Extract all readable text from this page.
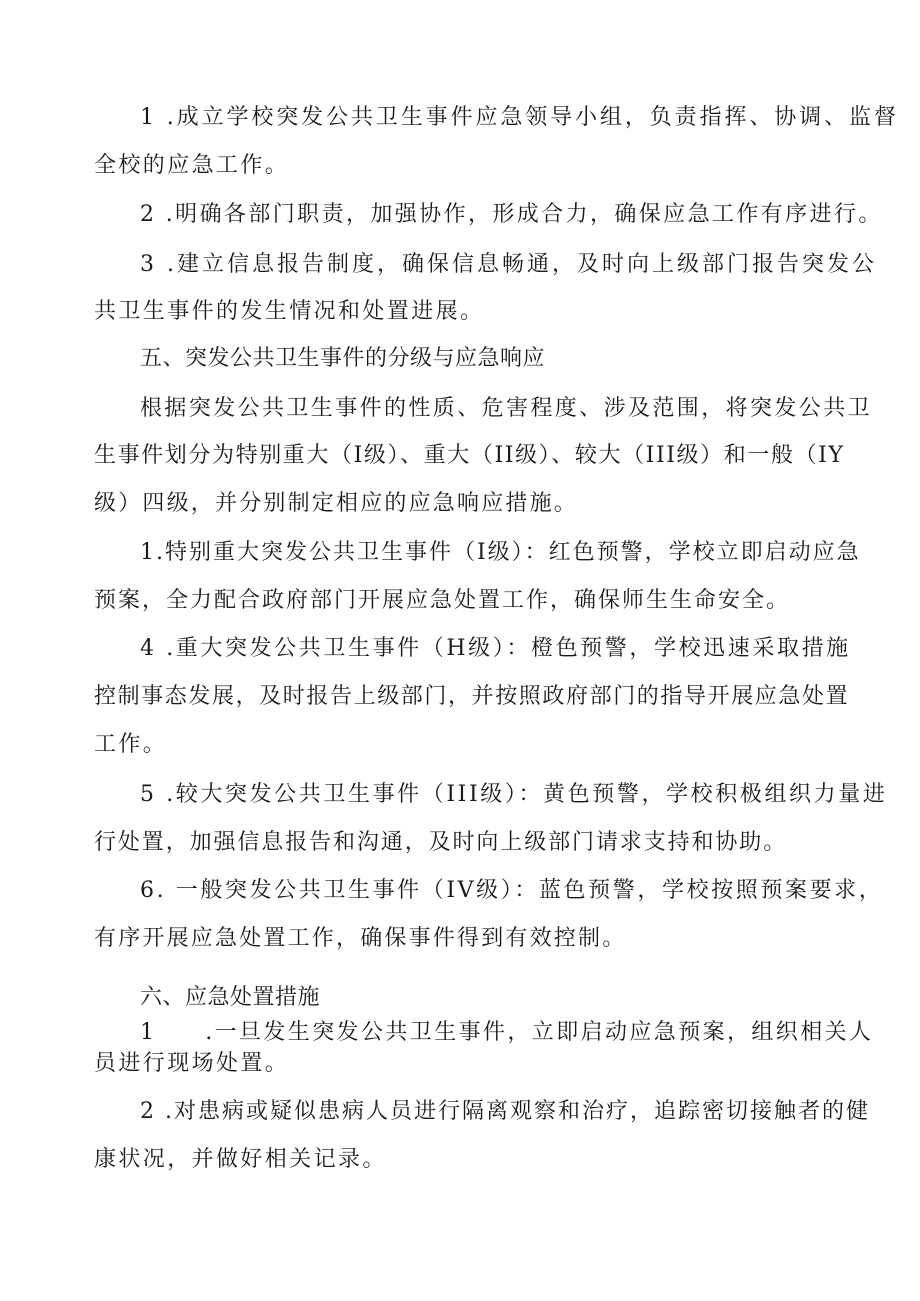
1 .成立学校突发公共卫生事件应急领导小组，负责指挥、协调、监督
全校的应急工作。
2 .明确各部门职责，加强协作，形成合力，确保应急工作有序进行。
3 .建立信息报告制度，确保信息畅通，及时向上级部门报告突发公
共卫生事件的发生情况和处置进展。
五、突发公共卫生事件的分级与应急响应
根据突发公共卫生事件的性质、危害程度、涉及范围，将突发公共卫
生事件划分为特别重大（I级）、重大（II级）、较大（III级）和一般（IY
级）四级，并分别制定相应的应急响应措施。
1.特别重大突发公共卫生事件（I级）：红色预警，学校立即启动应急
预案，全力配合政府部门开展应急处置工作，确保师生生命安全。
4 .重大突发公共卫生事件（H级）：橙色预警，学校迅速采取措施
控制事态发展，及时报告上级部门，并按照政府部门的指导开展应急处置
工作。
5 .较大突发公共卫生事件（III级）：黄色预警，学校积极组织力量进
行处置，加强信息报告和沟通，及时向上级部门请求支持和协助。
6. 一般突发公共卫生事件（IV级）：蓝色预警，学校按照预案要求，
有序开展应急处置工作，确保事件得到有效控制。
六、应急处置措施
1　　.一旦发生突发公共卫生事件，立即启动应急预案，组织相关人
员进行现场处置。
2 .对患病或疑似患病人员进行隔离观察和治疗，追踪密切接触者的健
康状况，并做好相关记录。
